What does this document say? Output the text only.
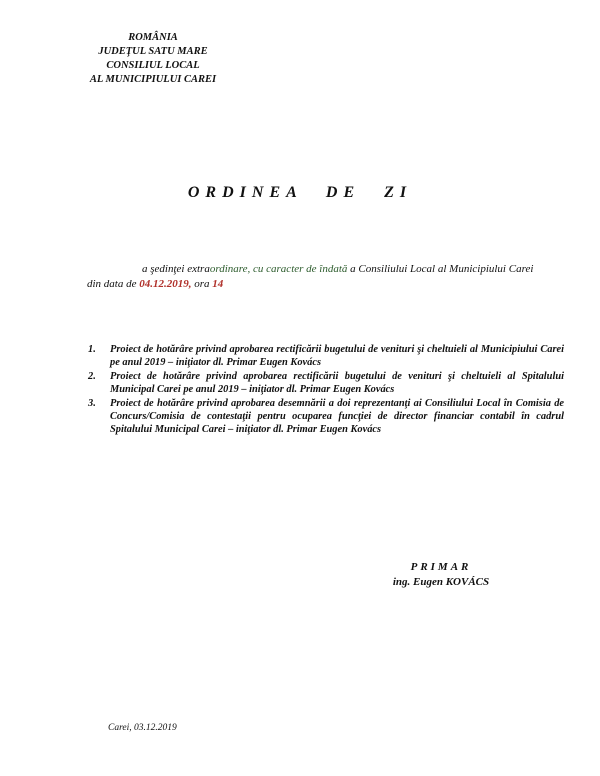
ROMÂNIA
JUDEŢUL SATU MARE
CONSILIUL LOCAL
AL MUNICIPIULUI CAREI
ORDINEA DE ZI
a şedinţei extraordinare, cu caracter de îndată a Consiliului Local al Municipiului Carei
din data de 04.12.2019, ora 14
1. Proiect de hotărâre privind aprobarea rectificării bugetului de venituri şi cheltuieli al Municipiului Carei pe anul 2019 – iniţiator dl. Primar Eugen Kovács
2. Proiect de hotărâre privind aprobarea rectificării bugetului de venituri şi cheltuieli al Spitalului Municipal Carei pe anul 2019 – iniţiator dl. Primar Eugen Kovács
3. Proiect de hotărâre privind aprobarea desemnării a doi reprezentanţi ai Consiliului Local în Comisia de Concurs/Comisia de contestaţii pentru ocuparea funcţiei de director financiar contabil în cadrul Spitalului Municipal Carei – iniţiator dl. Primar Eugen Kovács
PRIMAR
ing. Eugen KOVÁCS
Carei, 03.12.2019
